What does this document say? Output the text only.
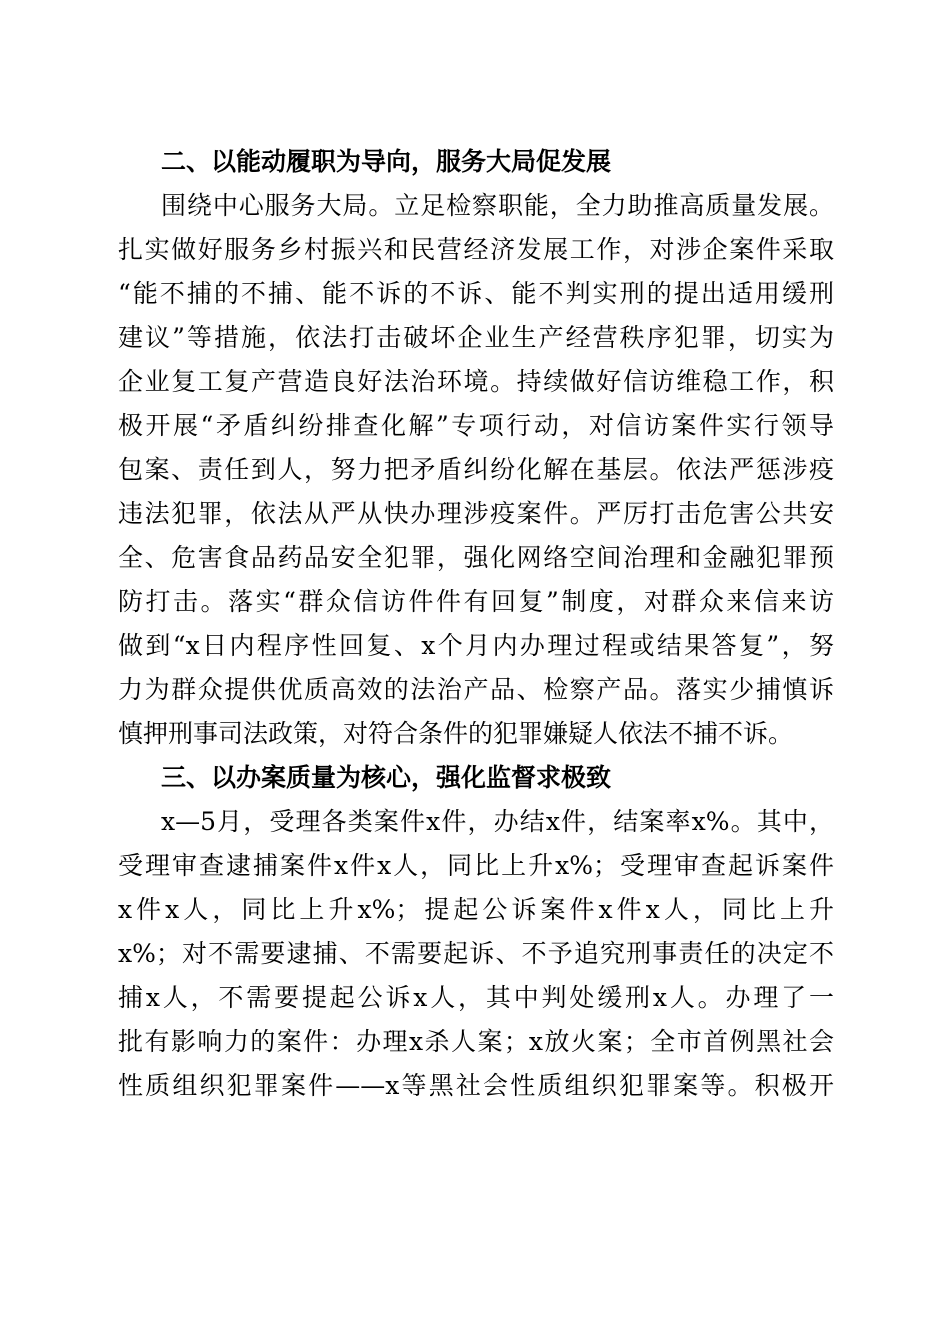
二、以能动履职为导向，服务大局促发展
围绕中心服务大局。立足检察职能，全力助推高质量发展。
扎实做好服务乡村振兴和民营经济发展工作，对涉企案件采取
“能不捕的不捕、能不诉的不诉、能不判实刑的提出适用缓刑
建议”等措施，依法打击破坏企业生产经营秩序犯罪，切实为
企业复工复产营造良好法治环境。持续做好信访维稳工作，积
极开展“矛盾纠纷排查化解”专项行动，对信访案件实行领导
包案、责任到人，努力把矛盾纠纷化解在基层。依法严惩涉疫
违法犯罪，依法从严从快办理涉疫案件。严厉打击危害公共安
全、危害食品药品安全犯罪，强化网络空间治理和金融犯罪预
防打击。落实“群众信访件件有回复”制度，对群众来信来访
做到“x日内程序性回复、x个月内办理过程或结果答复”，努
力为群众提供优质高效的法治产品、检察产品。落实少捕慎诉
慎押刑事司法政策，对符合条件的犯罪嫌疑人依法不捕不诉。
三、以办案质量为核心，强化监督求极致
x—5月，受理各类案件x件，办结x件，结案率x%。其中，
受理审查逮捕案件x件x人，同比上升x%；受理审查起诉案件
x件x人，同比上升x%；提起公诉案件x件x人，同比上升
x%；对不需要逮捕、不需要起诉、不予追究刑事责任的决定不
捕x人，不需要提起公诉x人，其中判处缓刑x人。办理了一
批有影响力的案件：办理x杀人案；x放火案；全市首例黑社会
性质组织犯罪案件——x等黑社会性质组织犯罪案等。积极开
